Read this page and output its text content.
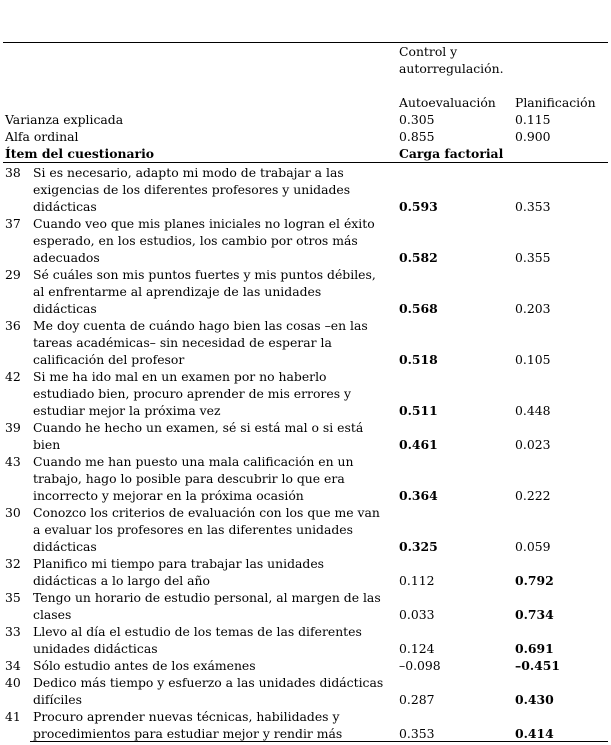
Control y autorregulación.
Autoevaluación Planificación
Varianza explicada	0.305	0.115
Alfa ordinal	0.855	0.900
Ítem del cuestionario	Carga factorial
38 Si es necesario, adapto mi modo de trabajar a las exigencias de los diferentes profesores y unidades didácticas	0.593	0.353
37 Cuando veo que mis planes iniciales no logran el éxito esperado, en los estudios, los cambio por otros más adecuados	0.582	0.355
29 Sé cuáles son mis puntos fuertes y mis puntos débiles, al enfrentarme al aprendizaje de las unidades didácticas	0.568	0.203
36 Me doy cuenta de cuándo hago bien las cosas –en las tareas académicas– sin necesidad de esperar la calificación del profesor	0.518	0.105
42 Si me ha ido mal en un examen por no haberlo estudiado bien, procuro aprender de mis errores y estudiar mejor la próxima vez	0.511	0.448
39 Cuando he hecho un examen, sé si está mal o si está bien	0.461	0.023
43 Cuando me han puesto una mala calificación en un trabajo, hago lo posible para descubrir lo que era incorrecto y mejorar en la próxima ocasión	0.364	0.222
30 Conozco los criterios de evaluación con los que me van a evaluar los profesores en las diferentes unidades didácticas	0.325	0.059
32 Planifico mi tiempo para trabajar las unidades didácticas a lo largo del año	0.112	0.792
35 Tengo un horario de estudio personal, al margen de las clases	0.033	0.734
33 Llevo al día el estudio de los temas de las diferentes unidades didácticas	0.124	0.691
34 Sólo estudio antes de los exámenes	–0.098	–0.451
40 Dedico más tiempo y esfuerzo a las unidades didácticas difíciles	0.287	0.430
41 Procuro aprender nuevas técnicas, habilidades y procedimientos para estudiar mejor y rendir más	0.353	0.414
